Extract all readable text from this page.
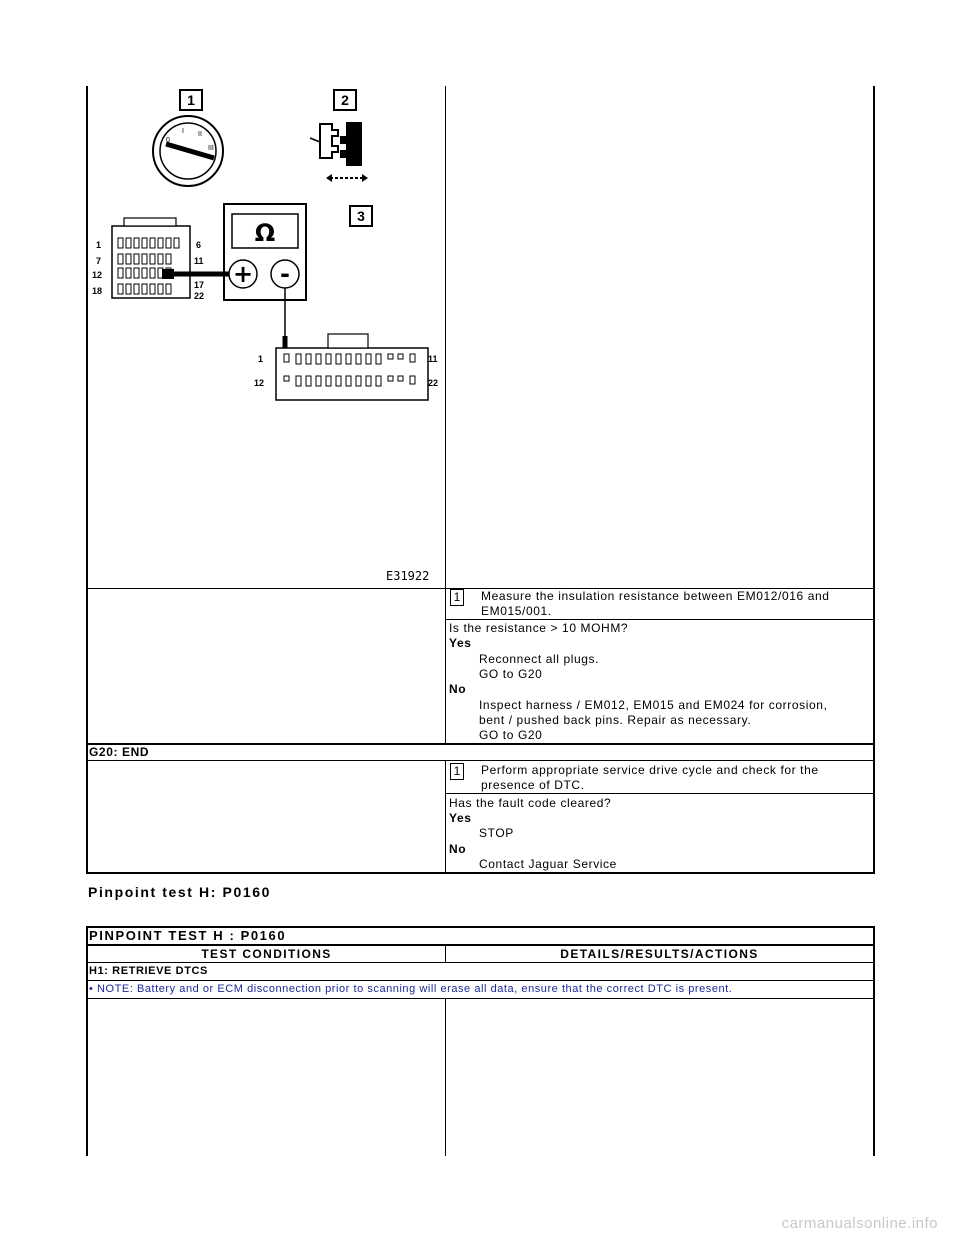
1	2
3
0
I II
III
Ω
+ -
1
7
12
18
6
11
17
22
1
12
11
22
E31922
1	Measure the insulation resistance between EM012/016 and
EM015/001.
Is the resistance > 10 MOHM?
Yes
Reconnect all plugs.
GO to G20
No
Inspect harness / EM012, EM015 and EM024 for corrosion,
bent / pushed back pins. Repair as necessary.
GO to G20
G20: END
1	Perform appropriate service drive cycle and check for the
presence of DTC.
Has the fault code cleared?
Yes
STOP
No
Contact Jaguar Service
Pinpoint test H: P0160
PINPOINT TEST H : P0160
TEST CONDITIONS	DETAILS/RESULTS/ACTIONS
H1: RETRIEVE DTCS
• NOTE: Battery and or ECM disconnection prior to scanning will erase all data, ensure that the correct DTC is present.
carmanualsonline.info
